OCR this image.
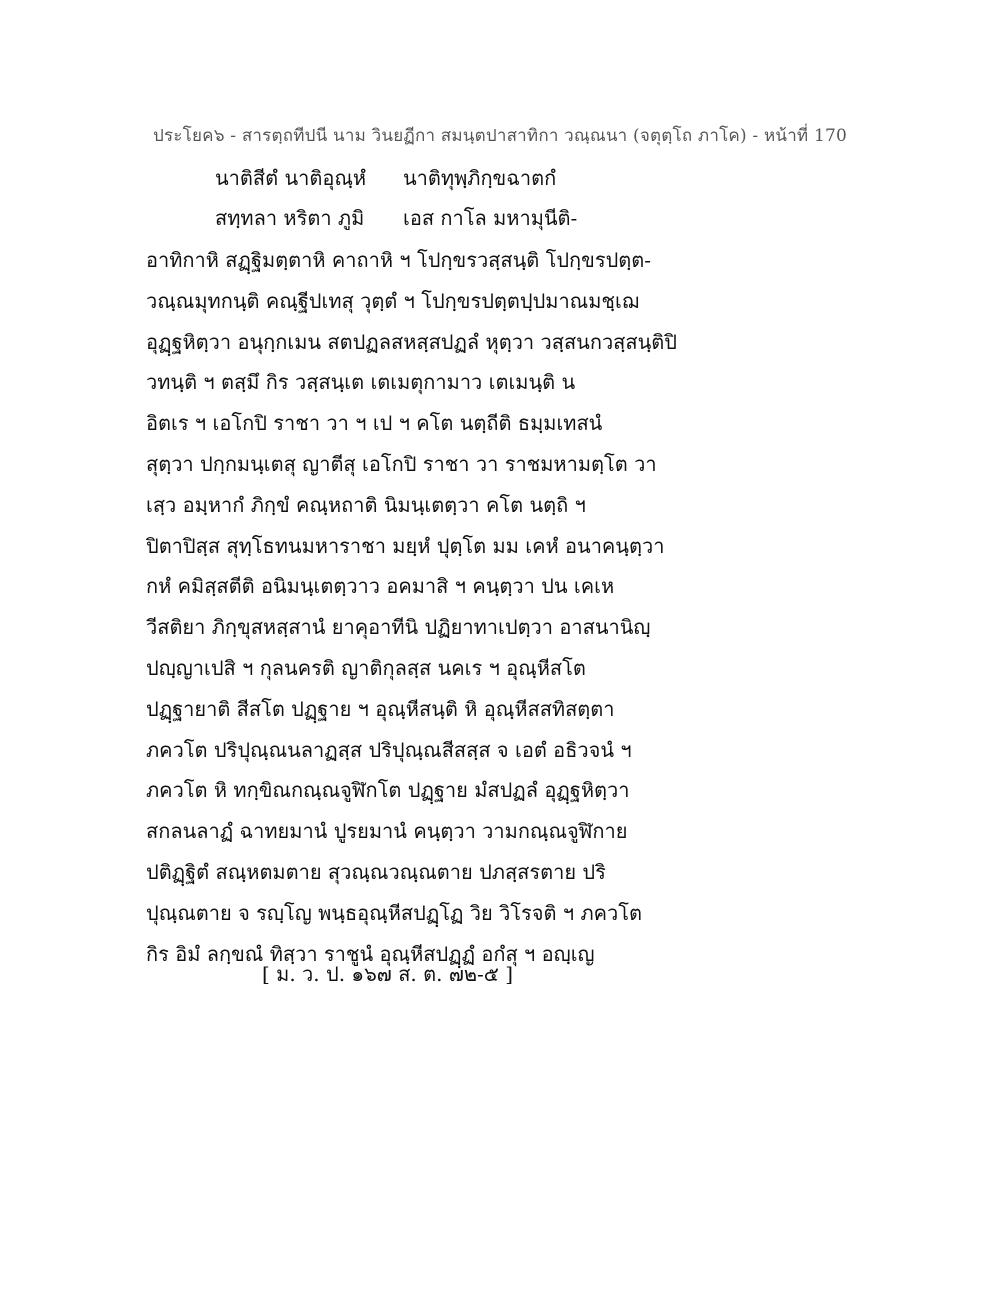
ประโยค๖ - สารตฺถทีปนี นาม วินยฏีกา สมนฺตปาสาทิกา วณฺณนา (จตุตฺโถ ภาโค) - หน้าที่ 170
นาติสีตํ นาติอุณฺหํ นาติทุพฺภิกฺขฉาตกํ
สทฺทลา หริตา ภูมิ เอส กาโล มหามุนีติ-
อาทิกาหิ สฏฺฐิมตฺตาหิ คาถาหิ ฯ โปกฺขรวสฺสนฺติ โปกฺขรปตฺต-
วณฺณมุทกนฺติ คณฺฐีปเทสุ วุตฺตํ ฯ โปกฺขรปตฺตปฺปมาณมชฺเฌ
อุฏฺฐหิตฺวา อนุกฺกเมน สตปฏลสหสฺสปฏลํ หุตฺวา วสฺสนกวสฺสนฺติปิ
วทนฺติ ฯ ตสฺมึ กิร วสฺสนฺเต เตเมตุกามาว เตเมนฺติ น
อิตเร ฯ เอโกปิ ราชา วา ฯ เป ฯ คโต นตฺถีติ ธมฺมเทสนํ
สุตฺวา ปกฺกมนฺเตสุ ญาตีสุ เอโกปิ ราชา วา ราชมหามตฺโต วา
เสฺว อมฺหากํ ภิกฺขํ คณฺหถาติ นิมนฺเตตฺวา คโต นตฺถิ ฯ
ปิตาปิสฺส สุทฺโธทนมหาราชา มยฺหํ ปุตฺโต มม เคหํ อนาคนฺตฺวา
กหํ คมิสฺสตีติ อนิมนฺเตตฺวาว อคมาสิ ฯ คนฺตฺวา ปน เคเห
วีสติยา ภิกฺขุสหสฺสานํ ยาคุอาทีนิ ปฏิยาทาเปตฺวา อาสนานิญฺ
ปญฺญาเปสิ ฯ กุลนครติ ญาติกุลสฺส นคเร ฯ อุณฺหีสโต
ปฏฺฐายาติ สีสโต ปฏฺฐาย ฯ อุณฺหีสนฺติ หิ อุณฺหีสสทิสตฺตา
ภควโต ปริปุณฺณนลาฏสฺส ปริปุณฺณสีสสฺส จ เอตํ อธิวจนํ ฯ
ภควโต หิ ทกฺขิณกณฺณจูฬิกโต ปฏฺฐาย มํสปฏลํ อุฏฺฐหิตฺวา
สกลนลาฏํ ฉาทยมานํ ปูรยมานํ คนฺตฺวา วามกณฺณจูฬิกาย
ปติฏฺฐิตํ สณฺหตมตาย สุวณฺณวณฺณตาย ปภสฺสรตาย ปริ
ปุณฺณตาย จ รญฺโญ พนฺธอุณฺหีสปฏฺโฏ วิย วิโรจติ ฯ ภควโต
กิร อิมํ ลกฺขณํ ทิสฺวา ราชูนํ อุณฺหีสปฏฺฏํ อกํสุ ฯ อญฺเญ
[ ม. ว. ป. ๑๖๗ ส. ต. ๗๒-๕ ]
